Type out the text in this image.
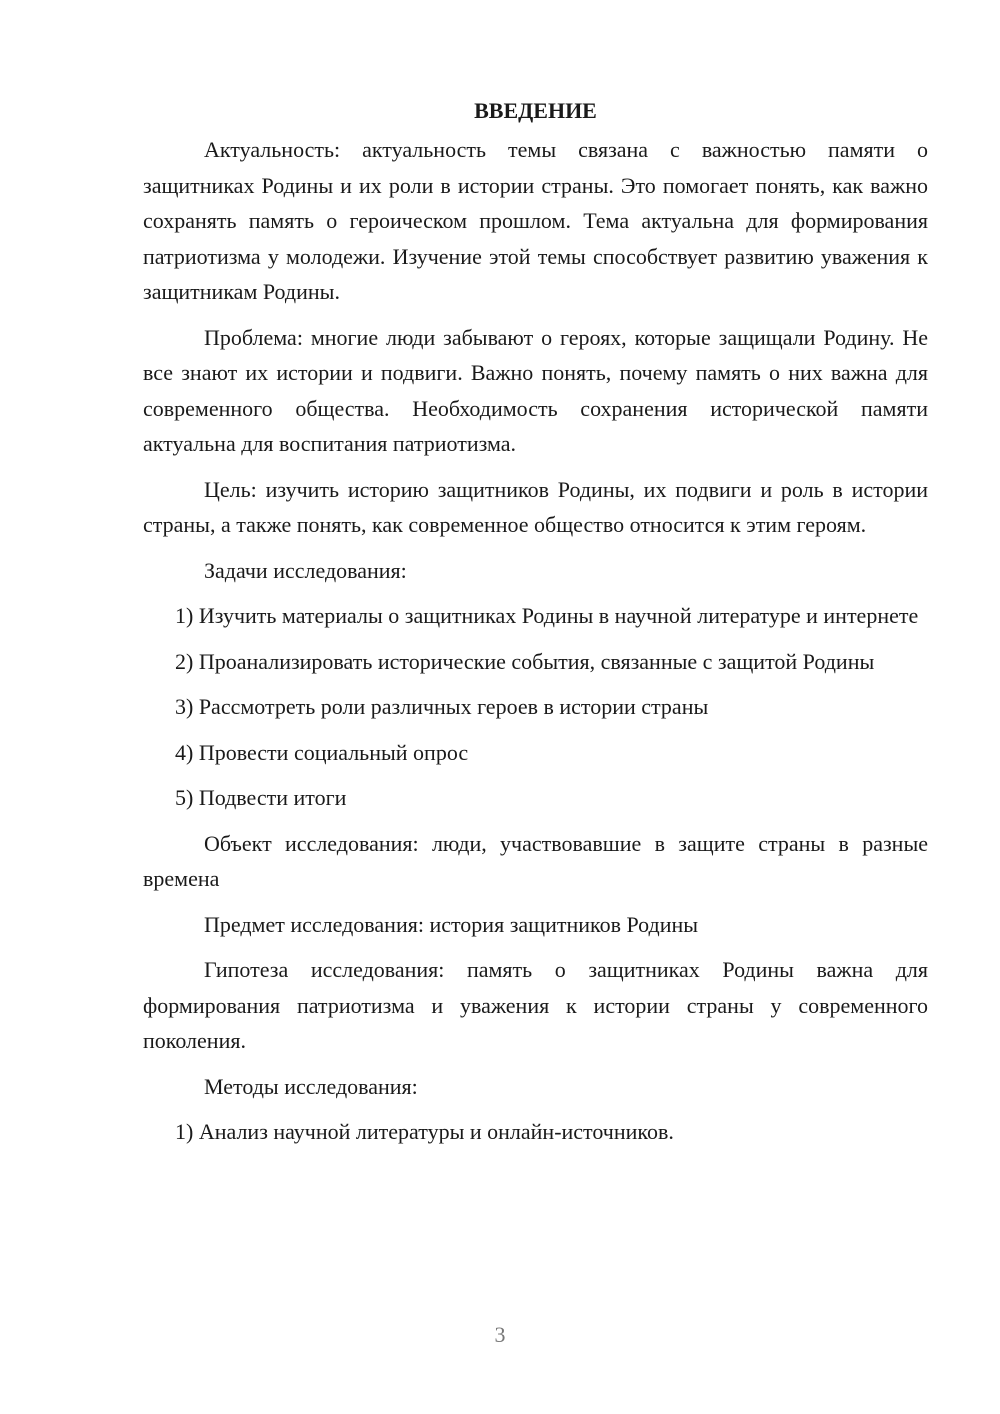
ВВЕДЕНИЕ

Актуальность: актуальность темы связана с важностью памяти о защитниках Родины и их роли в истории страны. Это помогает понять, как важно сохранять память о героическом прошлом. Тема актуальна для формирования патриотизма у молодежи. Изучение этой темы способствует развитию уважения к защитникам Родины.

Проблема: многие люди забывают о героях, которые защищали Родину. Не все знают их истории и подвиги. Важно понять, почему память о них важна для современного общества. Необходимость сохранения исторической памяти актуальна для воспитания патриотизма.

Цель: изучить историю защитников Родины, их подвиги и роль в истории страны, а также понять, как современное общество относится к этим героям.

Задачи исследования:

1) Изучить материалы о защитниках Родины в научной литературе и интернете

2) Проанализировать исторические события, связанные с защитой Родины

3) Рассмотреть роли различных героев в истории страны

4) Провести социальный опрос

5) Подвести итоги

Объект исследования: люди, участвовавшие в защите страны в разные времена

Предмет исследования: история защитников Родины

Гипотеза исследования: память о защитниках Родины важна для формирования патриотизма и уважения к истории страны у современного поколения.

Методы исследования:

1) Анализ научной литературы и онлайн-источников.

3
